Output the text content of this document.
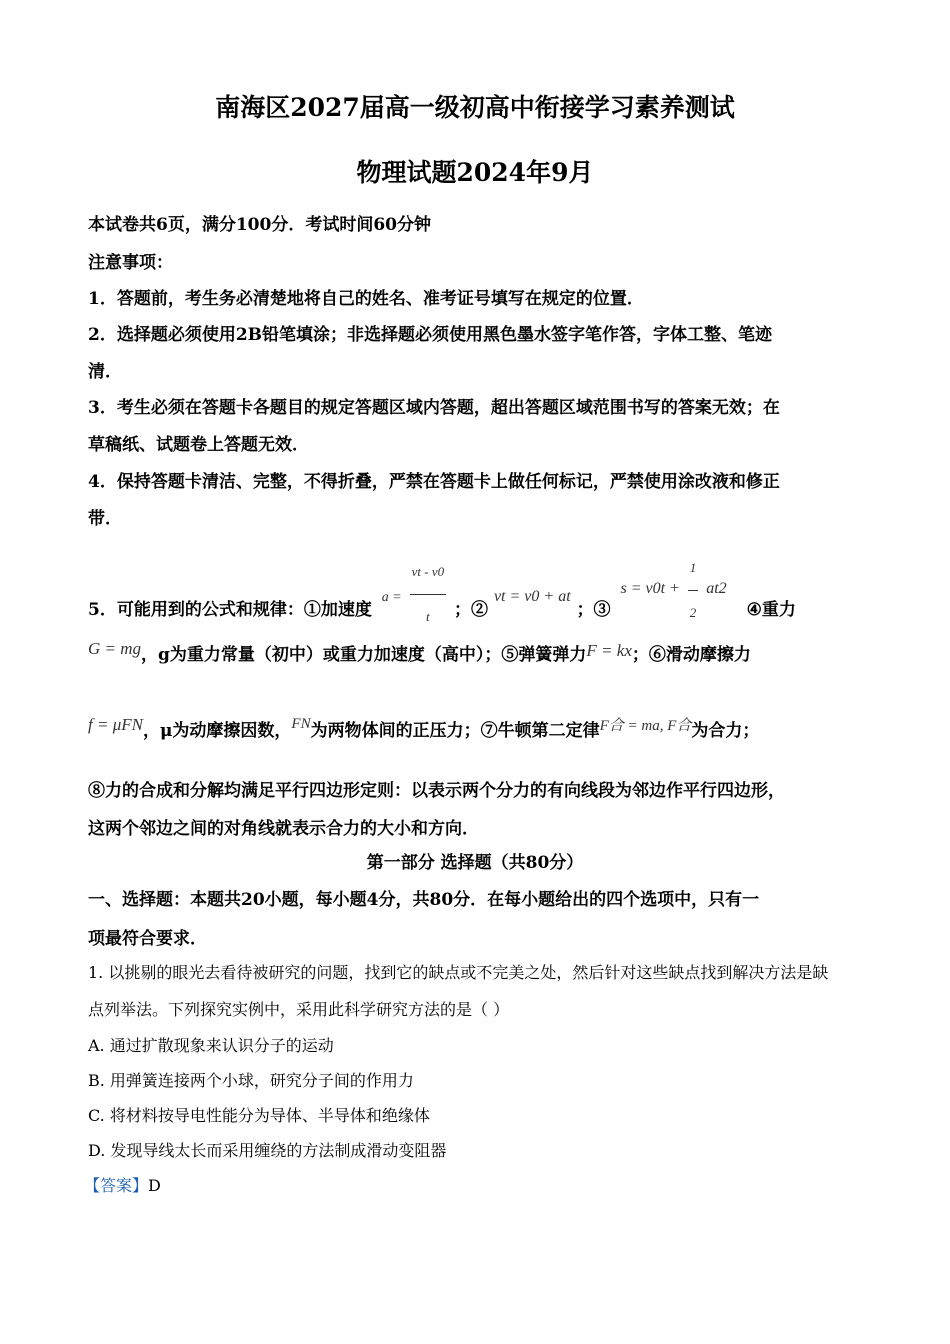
南海区2027届高一级初高中衔接学习素养测试
物理试题2024年9月
本试卷共6页，满分100分．考试时间60分钟
注意事项：
1．答题前，考生务必清楚地将自己的姓名、准考证号填写在规定的位置．
2．选择题必须使用2B铅笔填涂；非选择题必须使用黑色墨水签字笔作答，字体工整、笔迹
清．
3．考生必须在答题卡各题目的规定答题区域内答题，超出答题区域范围书写的答案无效；在
草稿纸、试题卷上答题无效．
4．保持答题卡清洁、完整，不得折叠，严禁在答题卡上做任何标记，严禁使用涂改液和修正
带．
5．可能用到的公式和规律：①加速度 $a = \frac{vt - v0}{t}$ ；② vt = v0 + at ；③ $s = v0t + \frac{1}{2} at2$ ④重力
G = mg，g为重力常量（初中）或重力加速度（高中）；⑤弹簧弹力F = kx；⑥滑动摩擦力
f = μFN，μ为动摩擦因数，FN为两物体间的正压力；⑦牛顿第二定律F合 = ma, F合为合力；
⑧力的合成和分解均满足平行四边形定则：以表示两个分力的有向线段为邻边作平行四边形，
这两个邻边之间的对角线就表示合力的大小和方向．
第一部分 选择题（共80分）
一、选择题：本题共20小题，每小题4分，共80分．在每小题给出的四个选项中，只有一
项最符合要求．
1. 以挑剔的眼光去看待被研究的问题，找到它的缺点或不完美之处，然后针对这些缺点找到解决方法是缺
点列举法。下列探究实例中，采用此科学研究方法的是（ ）
A. 通过扩散现象来认识分子的运动
B. 用弹簧连接两个小球，研究分子间的作用力
C. 将材料按导电性能分为导体、半导体和绝缘体
D. 发现导线太长而采用缠绕的方法制成滑动变阻器
【答案】D
